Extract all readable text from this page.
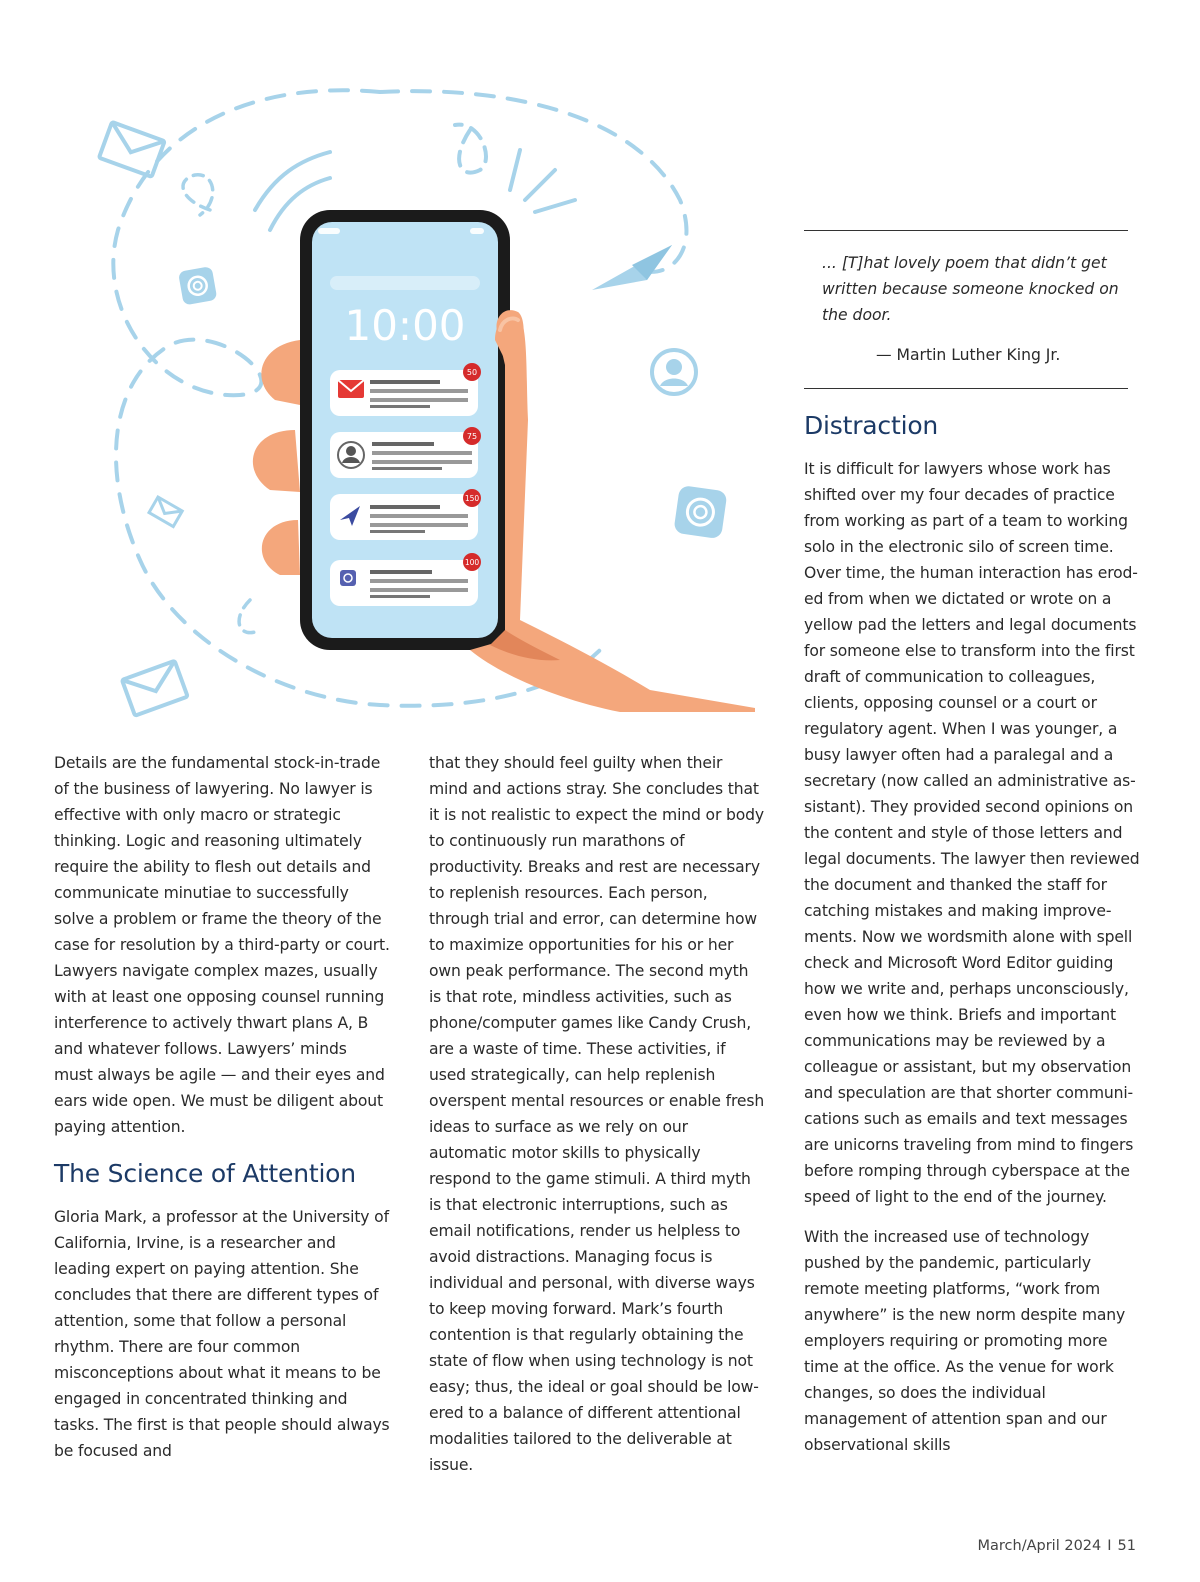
10:00
50
75
150
100

... [T]hat lovely poem that didn’t get written because someone knocked on the door.

— Martin Luther King Jr.

Details are the fundamental stock-in-trade of the business of lawyering. No lawyer is effective with only macro or strategic thinking. Logic and reasoning ultimately require the ability to flesh out details and communicate minutiae to successfully solve a problem or frame the theory of the case for resolution by a third-party or court. Lawyers navigate complex mazes, usually with at least one opposing counsel running interference to actively thwart plans A, B and whatever follows. Lawyers’ minds must always be agile — and their eyes and ears wide open. We must be diligent about paying attention.

The Science of Attention

Gloria Mark, a professor at the University of California, Irvine, is a researcher and leading expert on paying attention. She concludes that there are different types of attention, some that follow a personal rhythm. There are four common misconceptions about what it means to be engaged in concentrated thinking and tasks. The first is that people should always be focused and

that they should feel guilty when their mind and actions stray. She concludes that it is not realistic to expect the mind or body to continuously run marathons of productivity. Breaks and rest are necessary to replenish resources. Each person, through trial and error, can determine how to maximize opportunities for his or her own peak performance. The second myth is that rote, mindless activities, such as phone/computer games like Candy Crush, are a waste of time. These activities, if used strategically, can help replenish overspent mental resources or enable fresh ideas to surface as we rely on our automatic motor skills to physically respond to the game stimuli. A third myth is that electronic interruptions, such as email notifications, render us helpless to avoid distractions. Managing focus is individual and personal, with diverse ways to keep moving forward. Mark’s fourth contention is that regularly obtaining the state of flow when using technology is not easy; thus, the ideal or goal should be lowered to a balance of different attentional modalities tailored to the deliverable at issue.

Distraction

It is difficult for lawyers whose work has shifted over my four decades of practice from working as part of a team to working solo in the electronic silo of screen time. Over time, the human interaction has eroded from when we dictated or wrote on a yellow pad the letters and legal documents for someone else to transform into the first draft of communication to colleagues, clients, opposing counsel or a court or regulatory agent. When I was younger, a busy lawyer often had a paralegal and a secretary (now called an administrative assistant). They provided second opinions on the content and style of those letters and legal documents. The lawyer then reviewed the document and thanked the staff for catching mistakes and making improvements. Now we wordsmith alone with spell check and Microsoft Word Editor guiding how we write and, perhaps unconsciously, even how we think. Briefs and important communications may be reviewed by a colleague or assistant, but my observation and speculation are that shorter communications such as emails and text messages are unicorns traveling from mind to fingers before romping through cyberspace at the speed of light to the end of the journey.

With the increased use of technology pushed by the pandemic, particularly remote meeting platforms, “work from anywhere” is the new norm despite many employers requiring or promoting more time at the office. As the venue for work changes, so does the individual management of attention span and our observational skills

March/April 2024 I 51
